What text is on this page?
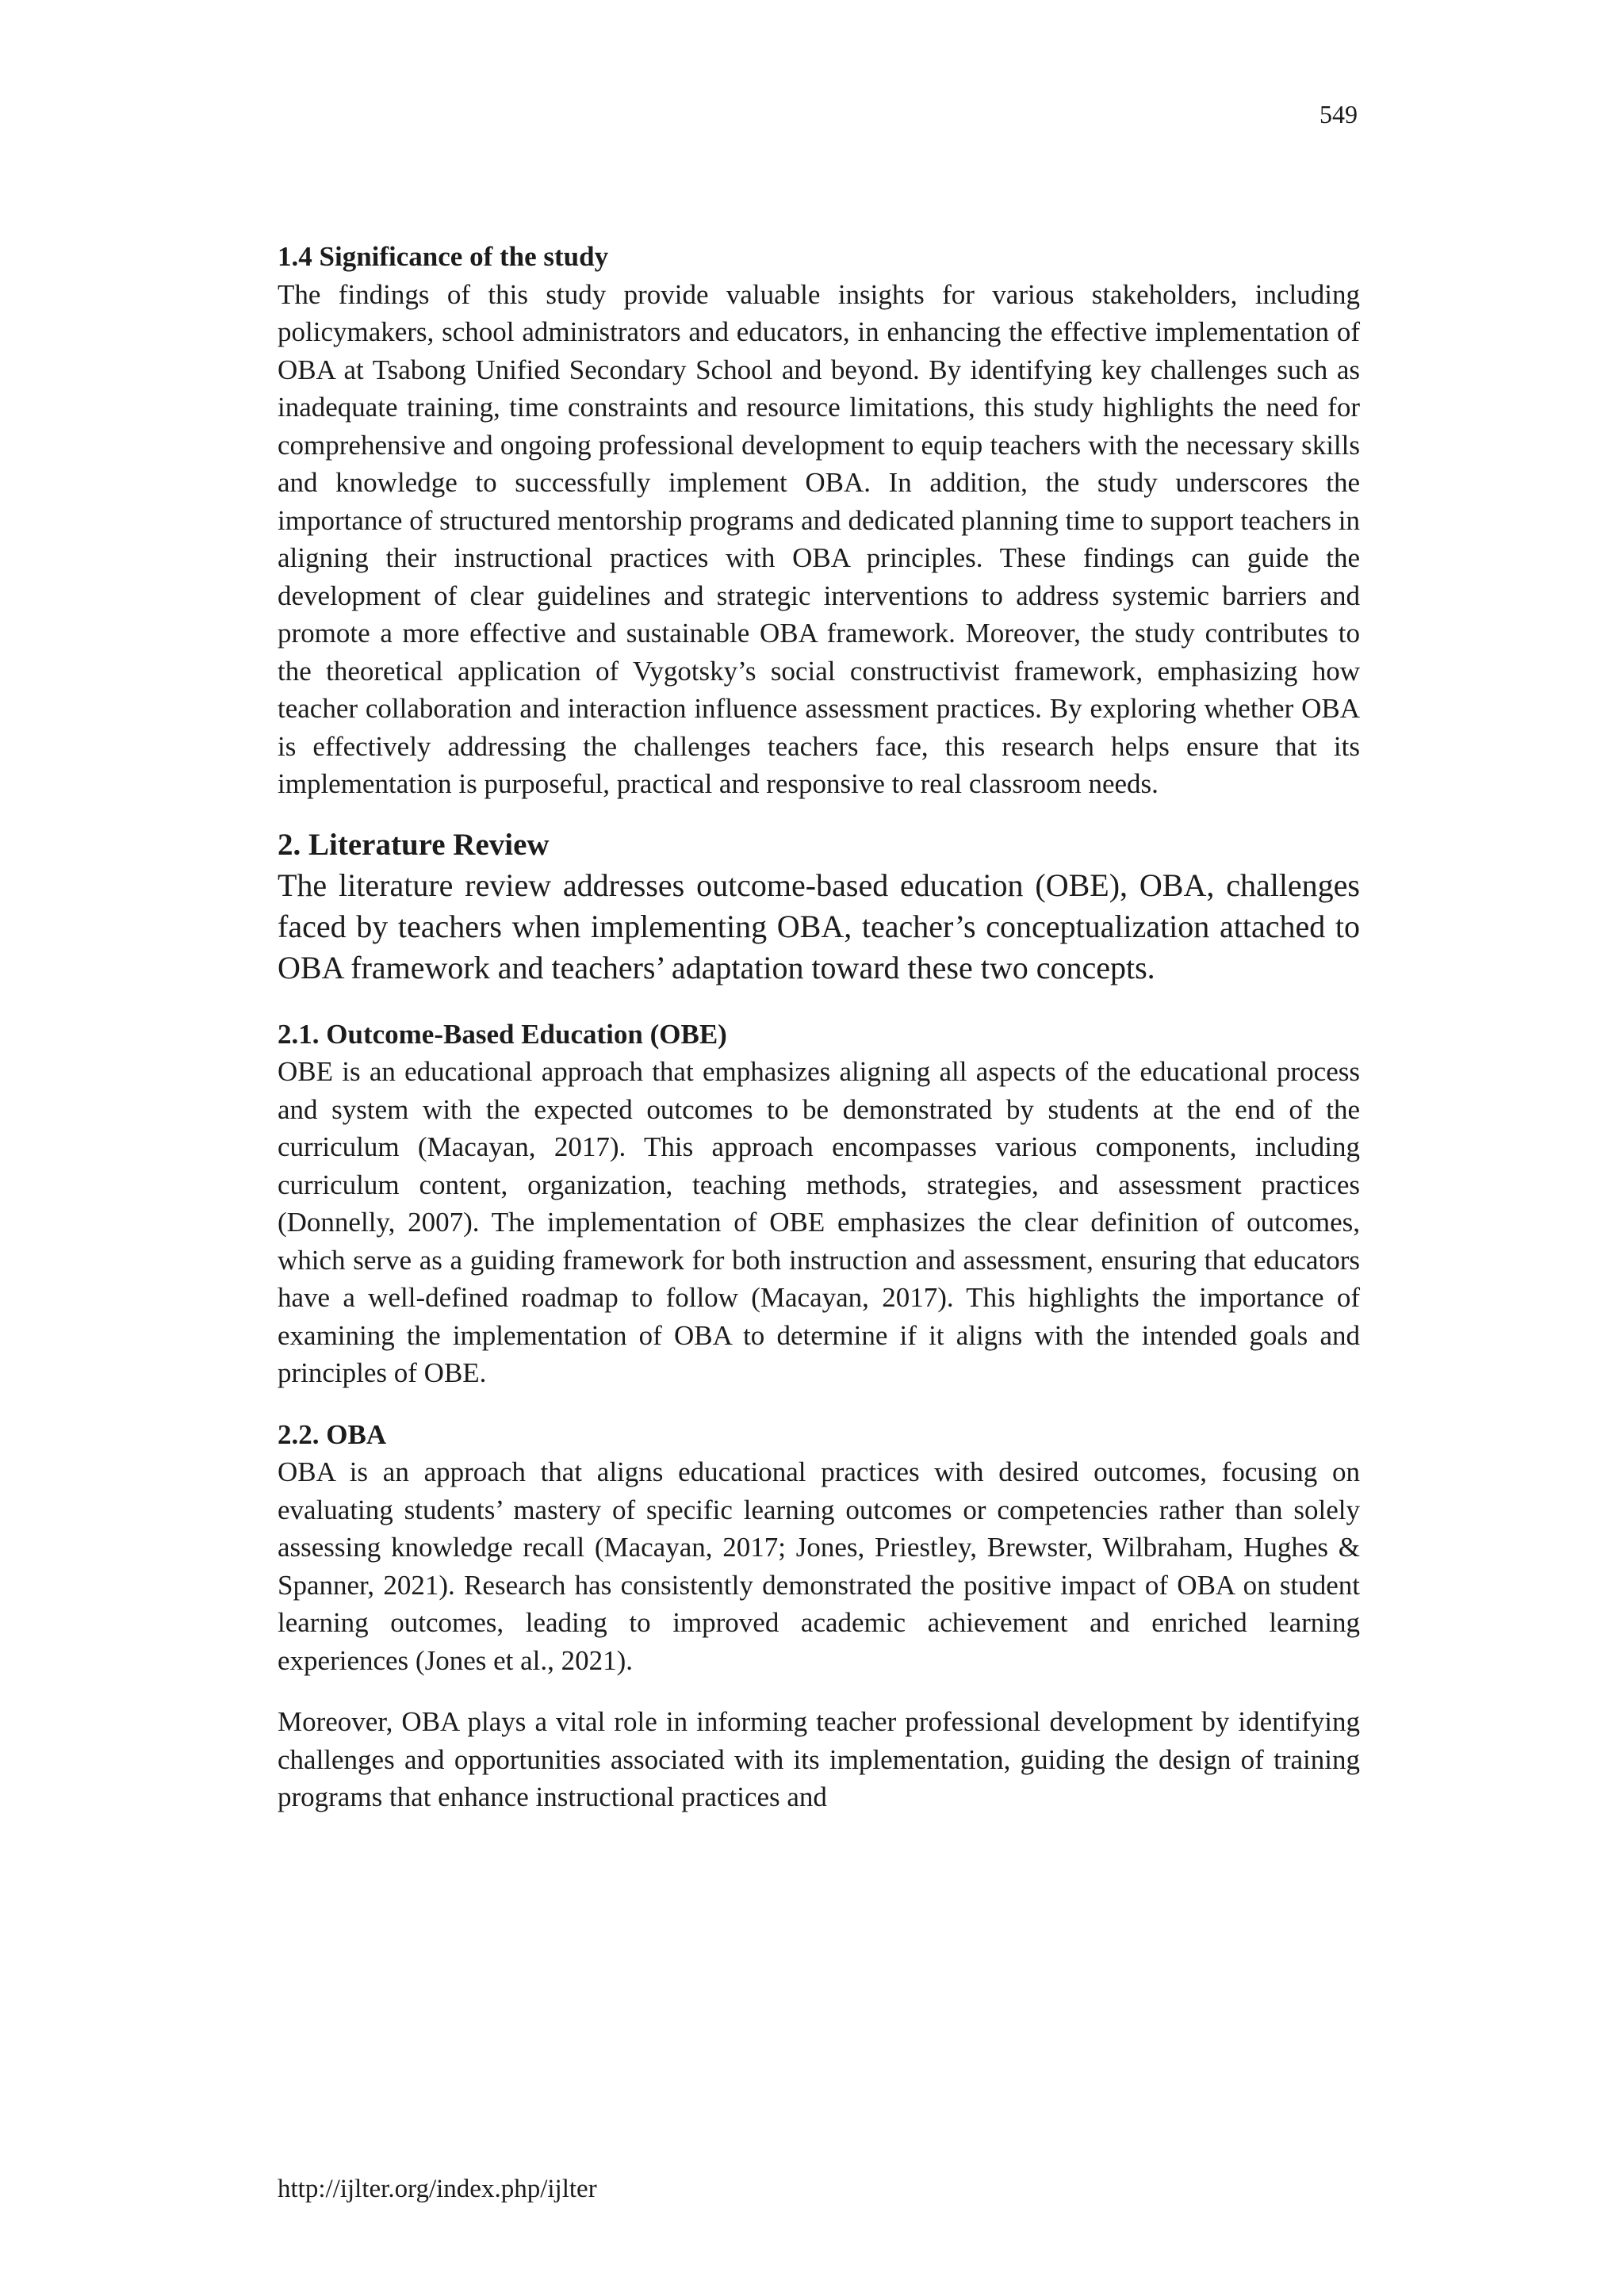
549
1.4 Significance of the study

The findings of this study provide valuable insights for various stakeholders, including policymakers, school administrators and educators, in enhancing the effective implementation of OBA at Tsabong Unified Secondary School and beyond. By identifying key challenges such as inadequate training, time constraints and resource limitations, this study highlights the need for comprehensive and ongoing professional development to equip teachers with the necessary skills and knowledge to successfully implement OBA. In addition, the study underscores the importance of structured mentorship programs and dedicated planning time to support teachers in aligning their instructional practices with OBA principles. These findings can guide the development of clear guidelines and strategic interventions to address systemic barriers and promote a more effective and sustainable OBA framework. Moreover, the study contributes to the theoretical application of Vygotsky’s social constructivist framework, emphasizing how teacher collaboration and interaction influence assessment practices. By exploring whether OBA is effectively addressing the challenges teachers face, this research helps ensure that its implementation is purposeful, practical and responsive to real classroom needs.

2. Literature Review

The literature review addresses outcome-based education (OBE), OBA, challenges faced by teachers when implementing OBA, teacher’s conceptualization attached to OBA framework and teachers’ adaptation toward these two concepts.

2.1. Outcome-Based Education (OBE)

OBE is an educational approach that emphasizes aligning all aspects of the educational process and system with the expected outcomes to be demonstrated by students at the end of the curriculum (Macayan, 2017). This approach encompasses various components, including curriculum content, organization, teaching methods, strategies, and assessment practices (Donnelly, 2007). The implementation of OBE emphasizes the clear definition of outcomes, which serve as a guiding framework for both instruction and assessment, ensuring that educators have a well-defined roadmap to follow (Macayan, 2017). This highlights the importance of examining the implementation of OBA to determine if it aligns with the intended goals and principles of OBE.

2.2. OBA

OBA is an approach that aligns educational practices with desired outcomes, focusing on evaluating students’ mastery of specific learning outcomes or competencies rather than solely assessing knowledge recall (Macayan, 2017; Jones, Priestley, Brewster, Wilbraham, Hughes & Spanner, 2021). Research has consistently demonstrated the positive impact of OBA on student learning outcomes, leading to improved academic achievement and enriched learning experiences (Jones et al., 2021).

Moreover, OBA plays a vital role in informing teacher professional development by identifying challenges and opportunities associated with its implementation, guiding the design of training programs that enhance instructional practices and

http://ijlter.org/index.php/ijlter
